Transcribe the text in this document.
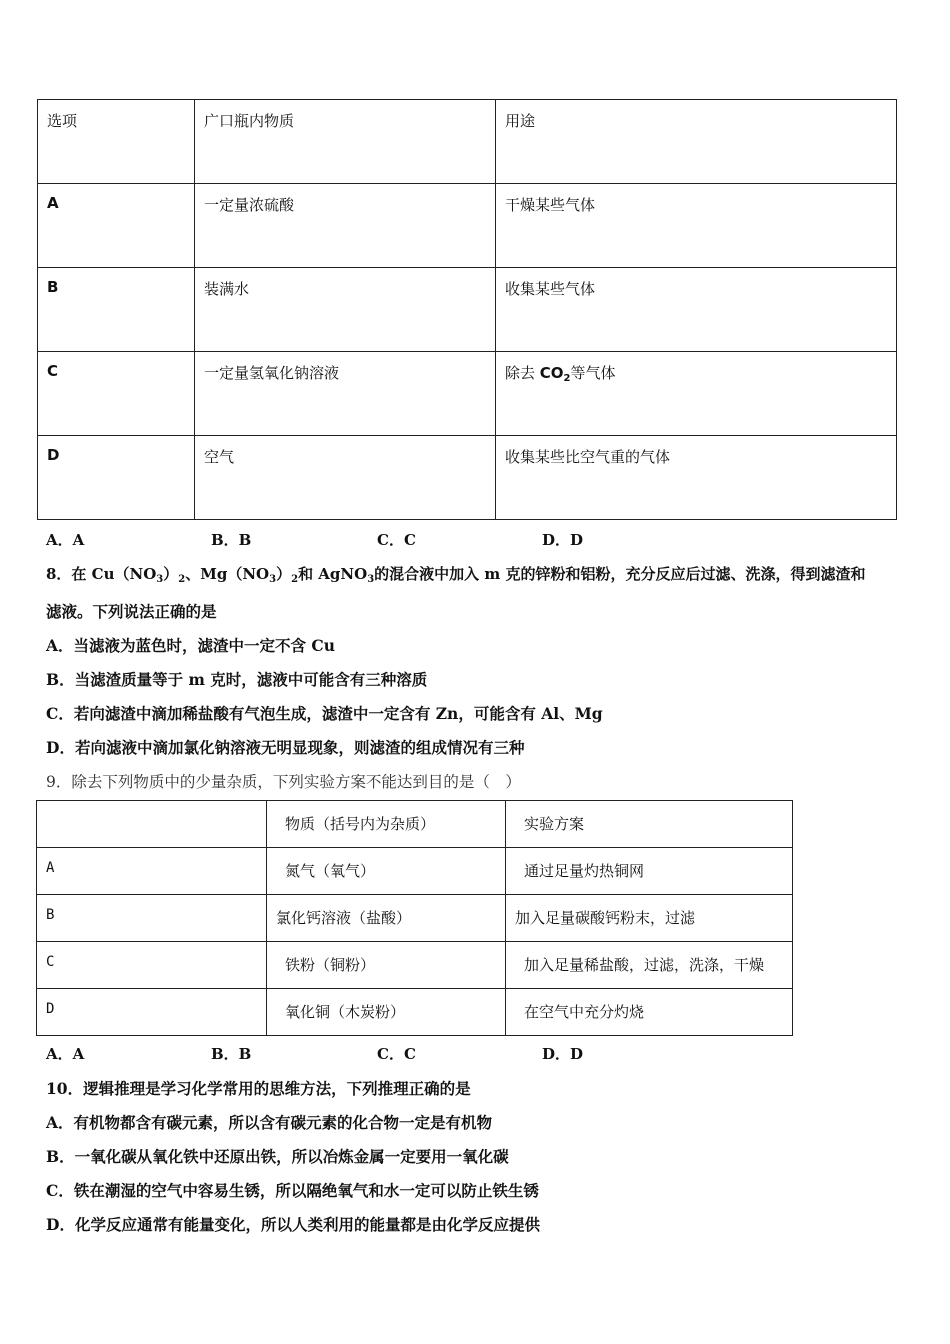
选项	广口瓶内物质	用途
A	一定量浓硫酸	干燥某些气体
B	装满水	收集某些气体
C	一定量氢氧化钠溶液	除去 $CO_2$等气体
D	空气	收集某些比空气重的气体
A．A	B．B	C．C	D．D
8．在 $Cu(NO_3)_2$、$Mg(NO_3)_2$和 AgNO$_3$的混合液中加入 m 克的锌粉和铝粉，充分反应后过滤、洗涤，得到滤渣和
滤液。下列说法正确的是
A．当滤液为蓝色时，滤渣中一定不含 Cu
B．当滤渣质量等于 m 克时，滤液中可能含有三种溶质
C．若向滤渣中滴加稀盐酸有气泡生成，滤渣中一定含有 Zn，可能含有 Al、Mg
D．若向滤液中滴加氯化钠溶液无明显现象，则滤渣的组成情况有三种
9．除去下列物质中的少量杂质，下列实验方案不能达到目的是（　）
	物质（括号内为杂质）	实验方案
A	氮气（氧气）	通过足量灼热铜网
B	氯化钙溶液（盐酸）	加入足量碳酸钙粉末，过滤
C	铁粉（铜粉）	加入足量稀盐酸，过滤，洗涤，干燥
D	氧化铜（木炭粉）	在空气中充分灼烧
A．A	B．B	C．C	D．D
10．逻辑推理是学习化学常用的思维方法，下列推理正确的是
A．有机物都含有碳元素，所以含有碳元素的化合物一定是有机物
B．一氧化碳从氧化铁中还原出铁，所以冶炼金属一定要用一氧化碳
C．铁在潮湿的空气中容易生锈，所以隔绝氧气和水一定可以防止铁生锈
D．化学反应通常有能量变化，所以人类利用的能量都是由化学反应提供
